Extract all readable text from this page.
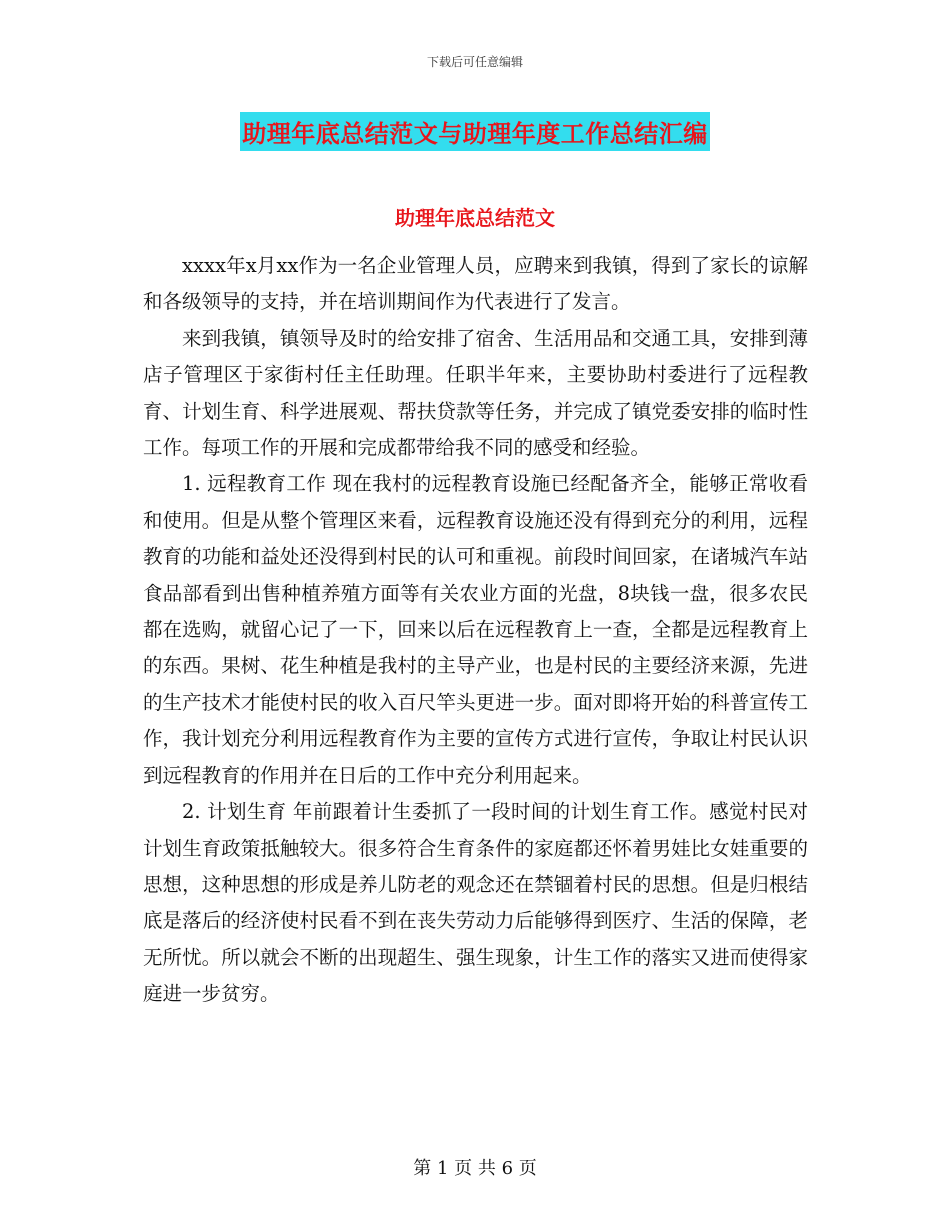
下载后可任意编辑
助理年底总结范文与助理年度工作总结汇编
助理年底总结范文

xxxx年x月xx作为一名企业管理人员，应聘来到我镇，得到了家长的谅解和各级领导的支持，并在培训期间作为代表进行了发言。

来到我镇，镇领导及时的给安排了宿舍、生活用品和交通工具，安排到薄店子管理区于家街村任主任助理。任职半年来，主要协助村委进行了远程教育、计划生育、科学进展观、帮扶贷款等任务，并完成了镇党委安排的临时性工作。每项工作的开展和完成都带给我不同的感受和经验。

1. 远程教育工作 现在我村的远程教育设施已经配备齐全，能够正常收看和使用。但是从整个管理区来看，远程教育设施还没有得到充分的利用，远程教育的功能和益处还没得到村民的认可和重视。前段时间回家，在诸城汽车站食品部看到出售种植养殖方面等有关农业方面的光盘，8块钱一盘，很多农民都在选购，就留心记了一下，回来以后在远程教育上一查，全都是远程教育上的东西。果树、花生种植是我村的主导产业，也是村民的主要经济来源，先进的生产技术才能使村民的收入百尺竿头更进一步。面对即将开始的科普宣传工作，我计划充分利用远程教育作为主要的宣传方式进行宣传，争取让村民认识到远程教育的作用并在日后的工作中充分利用起来。

2. 计划生育 年前跟着计生委抓了一段时间的计划生育工作。感觉村民对计划生育政策抵触较大。很多符合生育条件的家庭都还怀着男娃比女娃重要的思想，这种思想的形成是养儿防老的观念还在禁锢着村民的思想。但是归根结底是落后的经济使村民看不到在丧失劳动力后能够得到医疗、生活的保障，老无所忧。所以就会不断的出现超生、强生现象，计生工作的落实又进而使得家庭进一步贫穷。

第 1 页 共 6 页
